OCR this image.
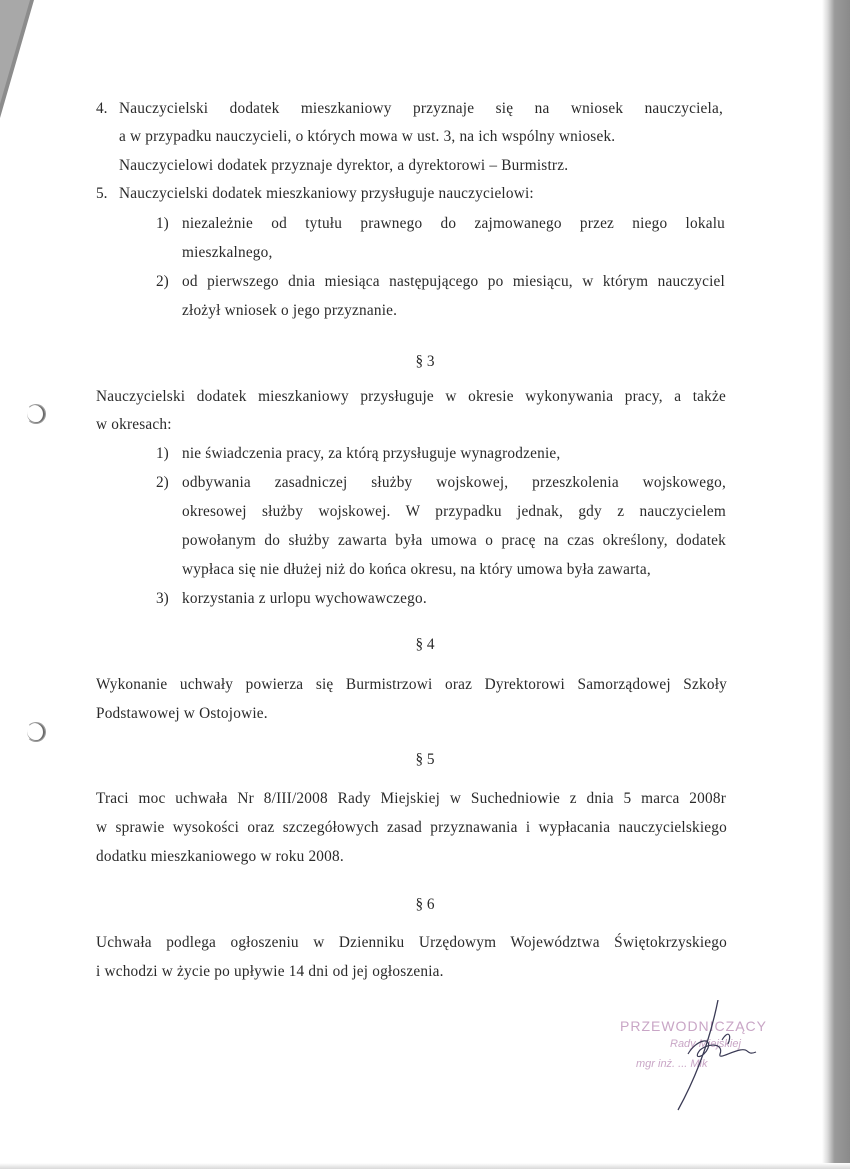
4. Nauczycielski dodatek mieszkaniowy przyznaje się na wniosek nauczyciela,
a w przypadku nauczycieli, o których mowa w ust. 3, na ich wspólny wniosek.
Nauczycielowi dodatek przyznaje dyrektor, a dyrektorowi – Burmistrz.
5. Nauczycielski dodatek mieszkaniowy przysługuje nauczycielowi:
1) niezależnie od tytułu prawnego do zajmowanego przez niego lokalu
mieszkalnego,
2) od pierwszego dnia miesiąca następującego po miesiącu, w którym nauczyciel
złożył wniosek o jego przyznanie.
§ 3
Nauczycielski dodatek mieszkaniowy przysługuje w okresie wykonywania pracy, a także
w okresach:
1) nie świadczenia pracy, za którą przysługuje wynagrodzenie,
2) odbywania zasadniczej służby wojskowej, przeszkolenia wojskowego,
okresowej służby wojskowej. W przypadku jednak, gdy z nauczycielem
powołanym do służby zawarta była umowa o pracę na czas określony, dodatek
wypłaca się nie dłużej niż do końca okresu, na który umowa była zawarta,
3) korzystania z urlopu wychowawczego.
§ 4
Wykonanie uchwały powierza się Burmistrzowi oraz Dyrektorowi Samorządowej Szkoły
Podstawowej w Ostojowie.
§ 5
Traci moc uchwała Nr 8/III/2008 Rady Miejskiej w Suchedniowie z dnia 5 marca 2008r
w sprawie wysokości oraz szczegółowych zasad przyznawania i wypłacania nauczycielskiego
dodatku mieszkaniowego w roku 2008.
§ 6
Uchwała podlega ogłoszeniu w Dzienniku Urzędowym Województwa Świętokrzyskiego
i wchodzi w życie po upływie 14 dni od jej ogłoszenia.
PRZEWODNICZĄCY
Rady Miejskiej
mgr inż. ... Mik
